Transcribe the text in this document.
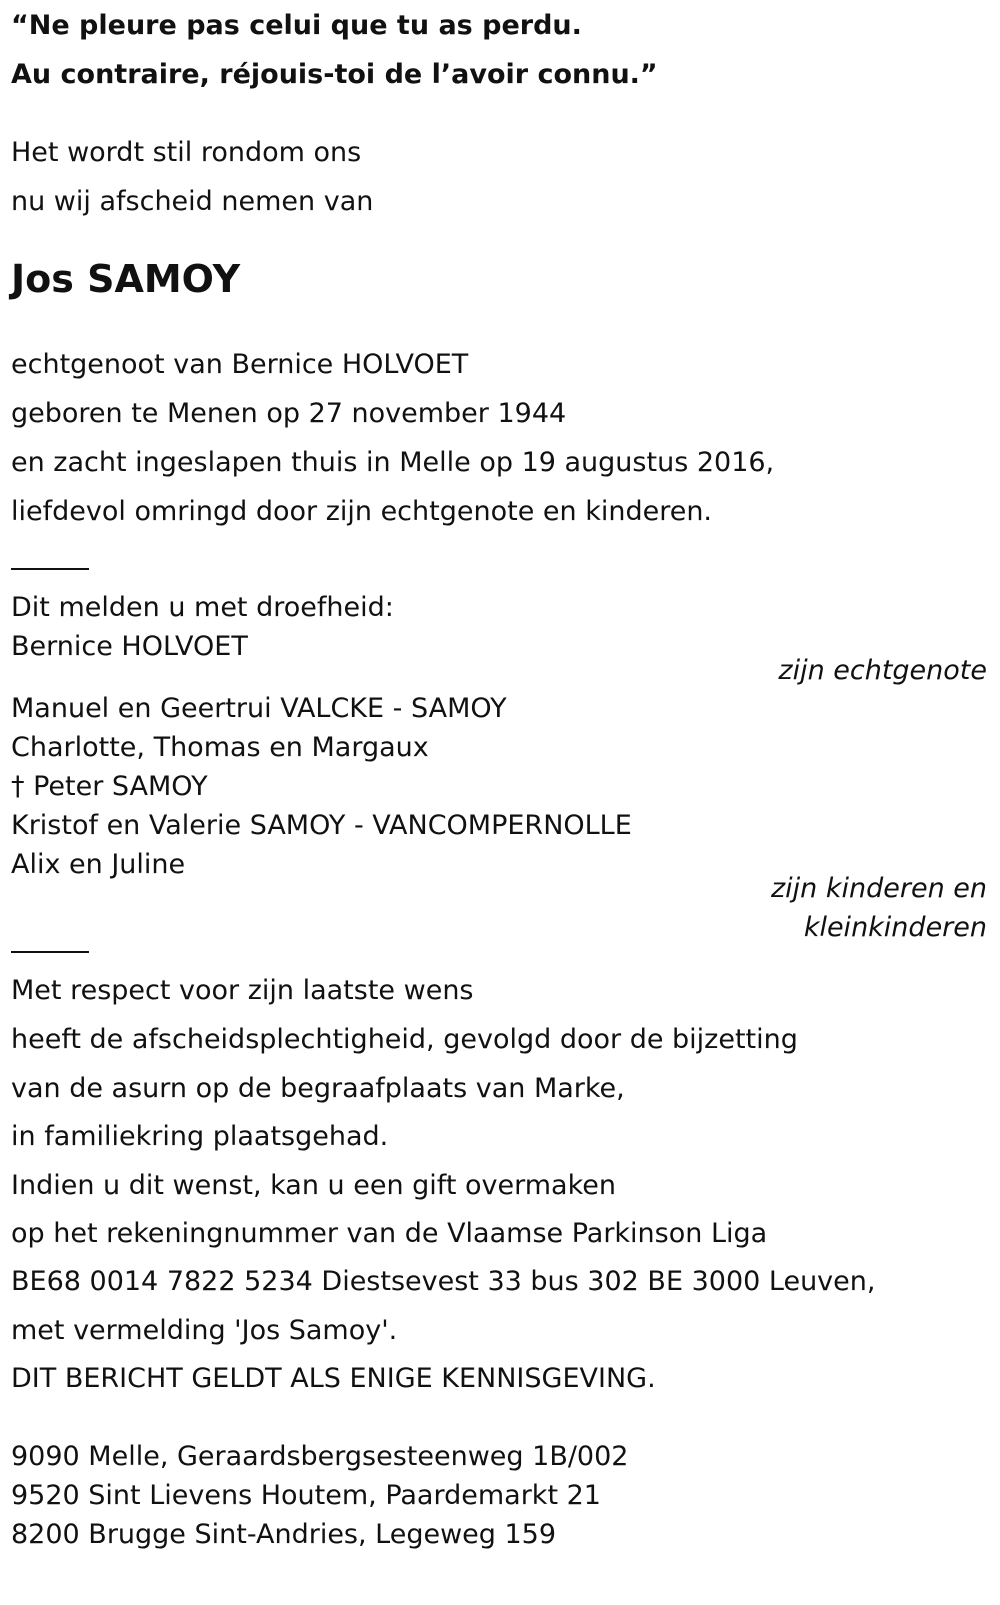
“Ne pleure pas celui que tu as perdu.
Au contraire, réjouis-toi de l’avoir connu.”
Het wordt stil rondom ons
nu wij afscheid nemen van
Jos SAMOY
echtgenoot van Bernice HOLVOET
geboren te Menen op 27 november 1944
en zacht ingeslapen thuis in Melle op 19 augustus 2016,
liefdevol omringd door zijn echtgenote en kinderen.
Dit melden u met droefheid:
Bernice HOLVOET
zijn echtgenote
Manuel en Geertrui VALCKE - SAMOY
Charlotte, Thomas en Margaux
† Peter SAMOY
Kristof en Valerie SAMOY - VANCOMPERNOLLE
Alix en Juline
zijn kinderen en
kleinkinderen
Met respect voor zijn laatste wens
heeft de afscheidsplechtigheid, gevolgd door de bijzetting
van de asurn op de begraafplaats van Marke,
in familiekring plaatsgehad.
Indien u dit wenst, kan u een gift overmaken
op het rekeningnummer van de Vlaamse Parkinson Liga
BE68 0014 7822 5234 Diestsevest 33 bus 302 BE 3000 Leuven,
met vermelding 'Jos Samoy'.
DIT BERICHT GELDT ALS ENIGE KENNISGEVING.
9090 Melle, Geraardsbergsesteenweg 1B/002
9520 Sint Lievens Houtem, Paardemarkt 21
8200 Brugge Sint-Andries, Legeweg 159
